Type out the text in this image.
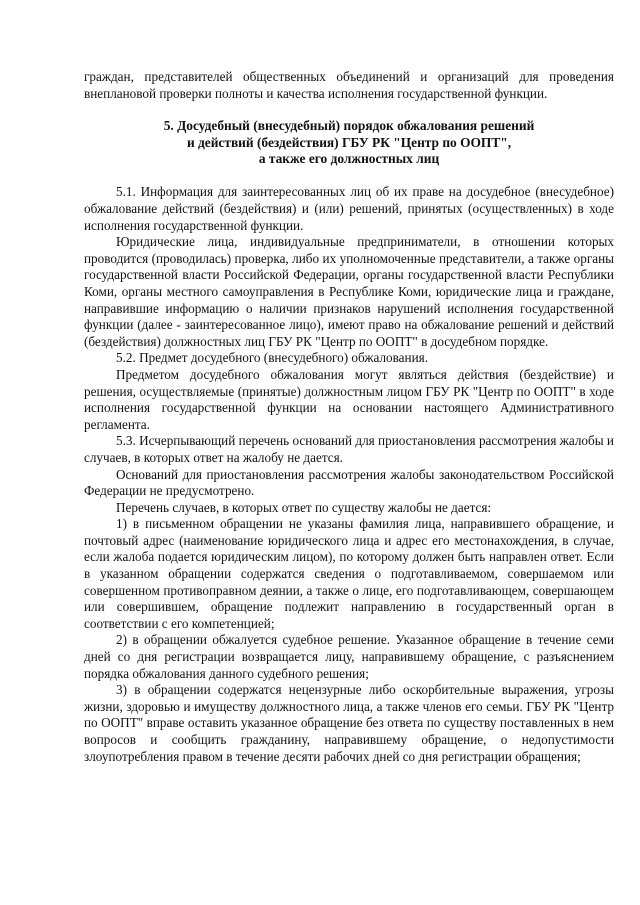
граждан, представителей общественных объединений и организаций для проведения внеплановой проверки полноты и качества исполнения государственной функции.

5. Досудебный (внесудебный) порядок обжалования решений
и действий (бездействия) ГБУ РК "Центр по ООПТ",
а также его должностных лиц

5.1. Информация для заинтересованных лиц об их праве на досудебное (внесудебное) обжалование действий (бездействия) и (или) решений, принятых (осуществленных) в ходе исполнения государственной функции.

Юридические лица, индивидуальные предприниматели, в отношении которых проводится (проводилась) проверка, либо их уполномоченные представители, а также органы государственной власти Российской Федерации, органы государственной власти Республики Коми, органы местного самоуправления в Республике Коми, юридические лица и граждане, направившие информацию о наличии признаков нарушений исполнения государственной функции (далее - заинтересованное лицо), имеют право на обжалование решений и действий (бездействия) должностных лиц ГБУ РК "Центр по ООПТ" в досудебном порядке.

5.2. Предмет досудебного (внесудебного) обжалования.

Предметом досудебного обжалования могут являться действия (бездействие) и решения, осуществляемые (принятые) должностным лицом ГБУ РК "Центр по ООПТ" в ходе исполнения государственной функции на основании настоящего Административного регламента.

5.3. Исчерпывающий перечень оснований для приостановления рассмотрения жалобы и случаев, в которых ответ на жалобу не дается.

Оснований для приостановления рассмотрения жалобы законодательством Российской Федерации не предусмотрено.

Перечень случаев, в которых ответ по существу жалобы не дается:

1) в письменном обращении не указаны фамилия лица, направившего обращение, и почтовый адрес (наименование юридического лица и адрес его местонахождения, в случае, если жалоба подается юридическим лицом), по которому должен быть направлен ответ. Если в указанном обращении содержатся сведения о подготавливаемом, совершаемом или совершенном противоправном деянии, а также о лице, его подготавливающем, совершающем или совершившем, обращение подлежит направлению в государственный орган в соответствии с его компетенцией;

2) в обращении обжалуется судебное решение. Указанное обращение в течение семи дней со дня регистрации возвращается лицу, направившему обращение, с разъяснением порядка обжалования данного судебного решения;

3) в обращении содержатся нецензурные либо оскорбительные выражения, угрозы жизни, здоровью и имуществу должностного лица, а также членов его семьи. ГБУ РК "Центр по ООПТ" вправе оставить указанное обращение без ответа по существу поставленных в нем вопросов и сообщить гражданину, направившему обращение, о недопустимости злоупотребления правом в течение десяти рабочих дней со дня регистрации обращения;
